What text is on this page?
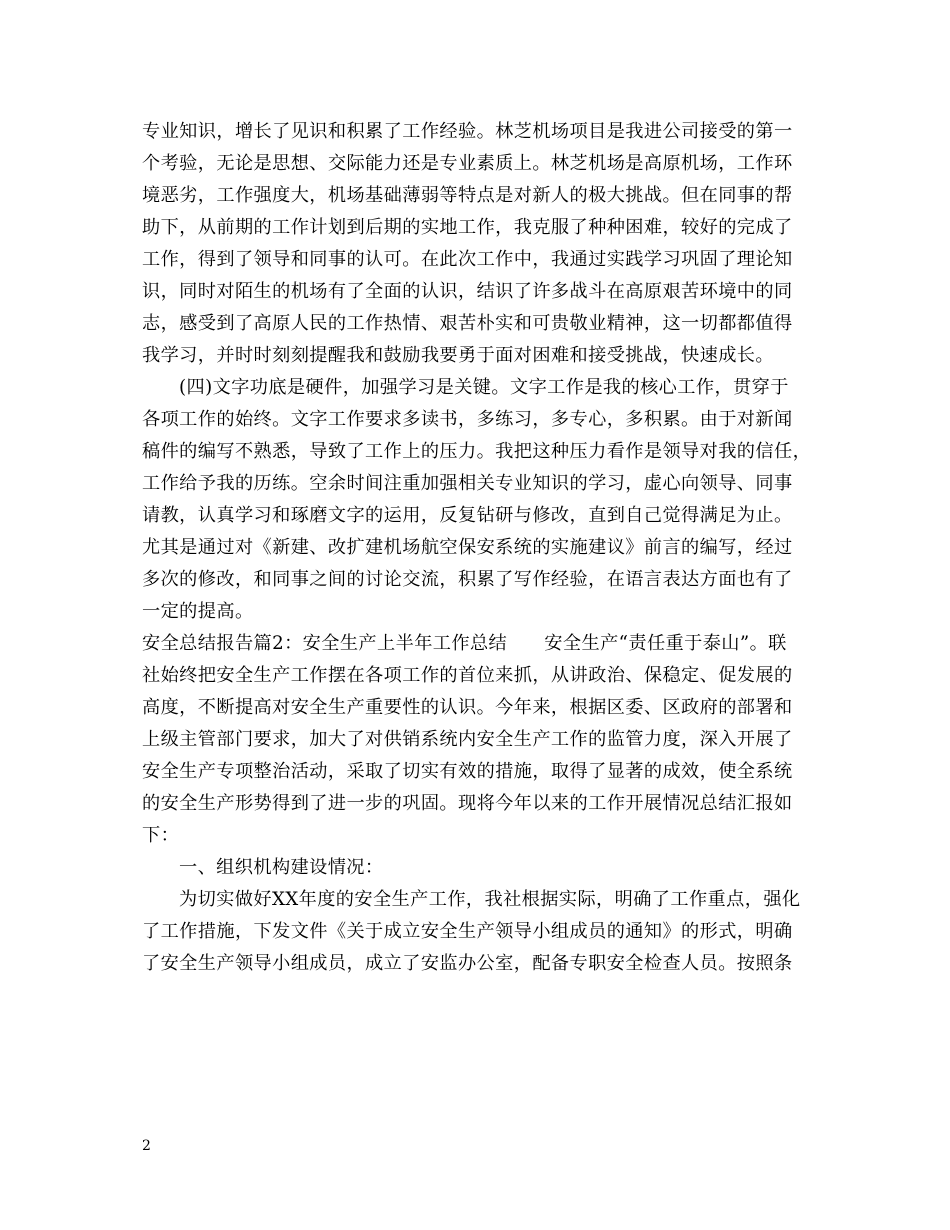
专业知识，增长了见识和积累了工作经验。林芝机场项目是我进公司接受的第一
个考验，无论是思想、交际能力还是专业素质上。林芝机场是高原机场，工作环
境恶劣，工作强度大，机场基础薄弱等特点是对新人的极大挑战。但在同事的帮
助下，从前期的工作计划到后期的实地工作，我克服了种种困难，较好的完成了
工作，得到了领导和同事的认可。在此次工作中，我通过实践学习巩固了理论知
识，同时对陌生的机场有了全面的认识，结识了许多战斗在高原艰苦环境中的同
志，感受到了高原人民的工作热情、艰苦朴实和可贵敬业精神，这一切都都值得
我学习，并时时刻刻提醒我和鼓励我要勇于面对困难和接受挑战，快速成长。

(四)文字功底是硬件，加强学习是关键。文字工作是我的核心工作，贯穿于
各项工作的始终。文字工作要求多读书，多练习，多专心，多积累。由于对新闻
稿件的编写不熟悉，导致了工作上的压力。我把这种压力看作是领导对我的信任，
工作给予我的历练。空余时间注重加强相关专业知识的学习，虚心向领导、同事
请教，认真学习和琢磨文字的运用，反复钻研与修改，直到自己觉得满足为止。
尤其是通过对《新建、改扩建机场航空保安系统的实施建议》前言的编写，经过
多次的修改，和同事之间的讨论交流，积累了写作经验，在语言表达方面也有了
一定的提高。

安全总结报告篇2：安全生产上半年工作总结　　安全生产“责任重于泰山”。联
社始终把安全生产工作摆在各项工作的首位来抓，从讲政治、保稳定、促发展的
高度，不断提高对安全生产重要性的认识。今年来，根据区委、区政府的部署和
上级主管部门要求，加大了对供销系统内安全生产工作的监管力度，深入开展了
安全生产专项整治活动，采取了切实有效的措施，取得了显著的成效，使全系统
的安全生产形势得到了进一步的巩固。现将今年以来的工作开展情况总结汇报如
下：

一、组织机构建设情况：

为切实做好XX年度的安全生产工作，我社根据实际，明确了工作重点，强化
了工作措施，下发文件《关于成立安全生产领导小组成员的通知》的形式，明确
了安全生产领导小组成员，成立了安监办公室，配备专职安全检查人员。按照条

2
